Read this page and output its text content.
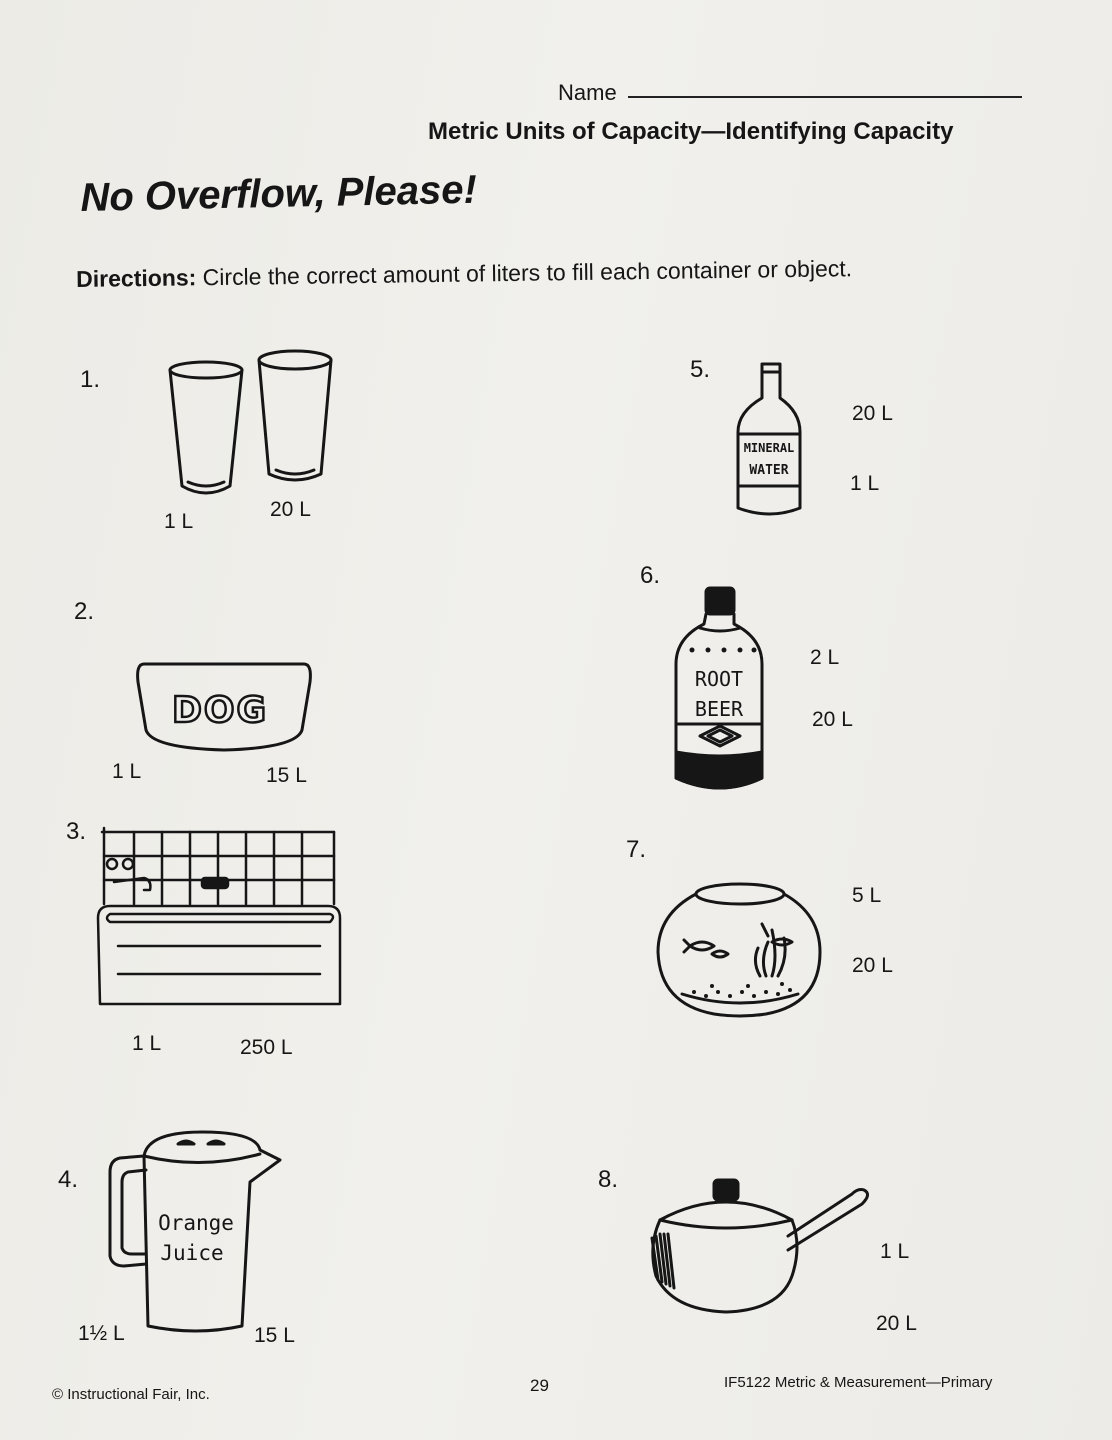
Name
Metric Units of Capacity—Identifying Capacity
No Overflow, Please!
Directions: Circle the correct amount of liters to fill each container or object.
1.
1 L
20 L
2.
DOG
1 L	15 L
3.
1 L	250 L
4.
Orange
Juice
1½ L	15 L
5.
MINERAL
WATER
20 L
1 L
6.
ROOT
BEER
2 L
20 L
7.
5 L
20 L
8.
1 L
20 L
© Instructional Fair, Inc.	29	IF5122 Metric & Measurement—Primary
